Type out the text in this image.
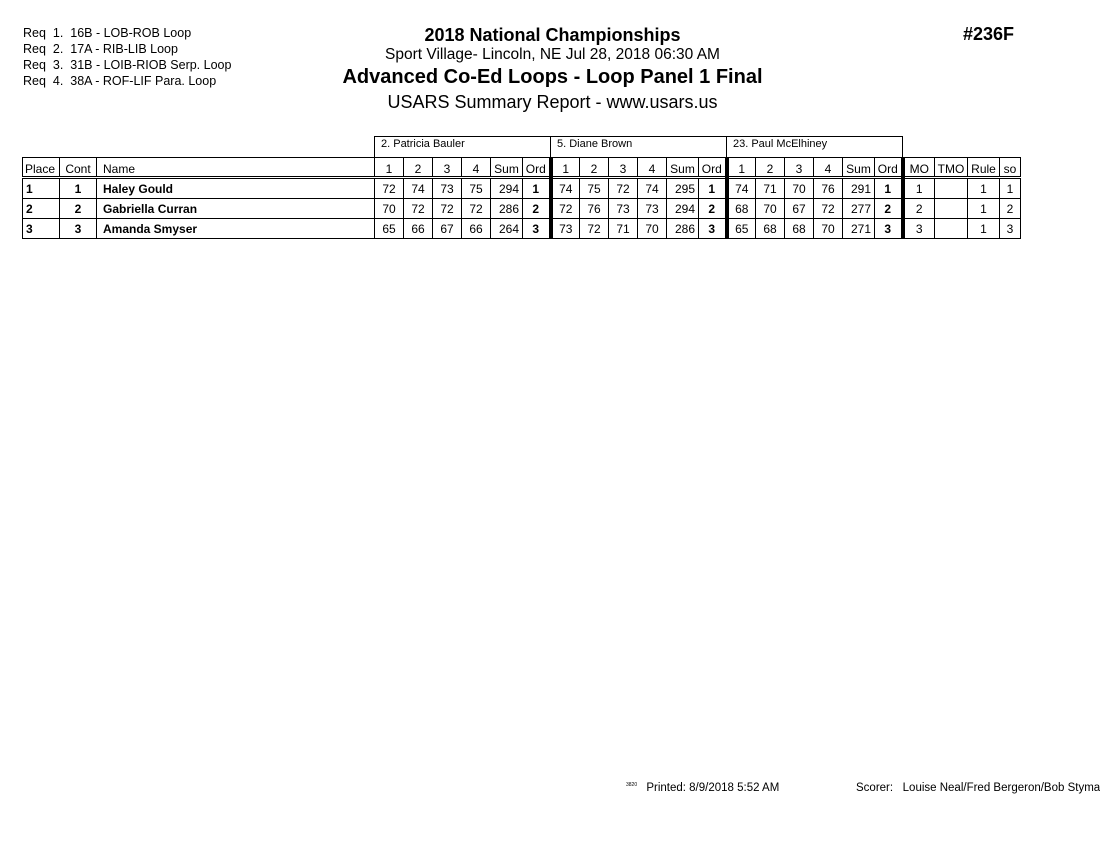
Req  1.  16B - LOB-ROB Loop
Req  2.  17A - RIB-LIB Loop
Req  3.  31B - LOIB-RIOB Serp. Loop
Req  4.  38A - ROF-LIF Para. Loop
2018 National Championships
Sport Village- Lincoln, NE Jul 28, 2018 06:30 AM
Advanced Co-Ed Loops - Loop Panel 1 Final
USARS Summary Report - www.usars.us
#236F
			2. Patricia Bauler						5. Diane Brown						23. Paul McElhiney									
Place	Cont	Name	1	2	3	4	Sum	Ord	1	2	3	4	Sum	Ord	1	2	3	4	Sum	Ord	MO	TMO	Rule	so
1	1	Haley Gould	72	74	73	75	294	1	74	75	72	74	295	1	74	71	70	76	291	1	1		1	1
2	2	Gabriella Curran	70	72	72	72	286	2	72	76	73	73	294	2	68	70	67	72	277	2	2		1	2
3	3	Amanda Smyser	65	66	67	66	264	3	73	72	71	70	286	3	65	68	68	70	271	3	3		1	3
$^{3820}$ Printed: 8/9/2018 5:52 AM	Scorer:   Louise Neal/Fred Bergeron/Bob Styma
